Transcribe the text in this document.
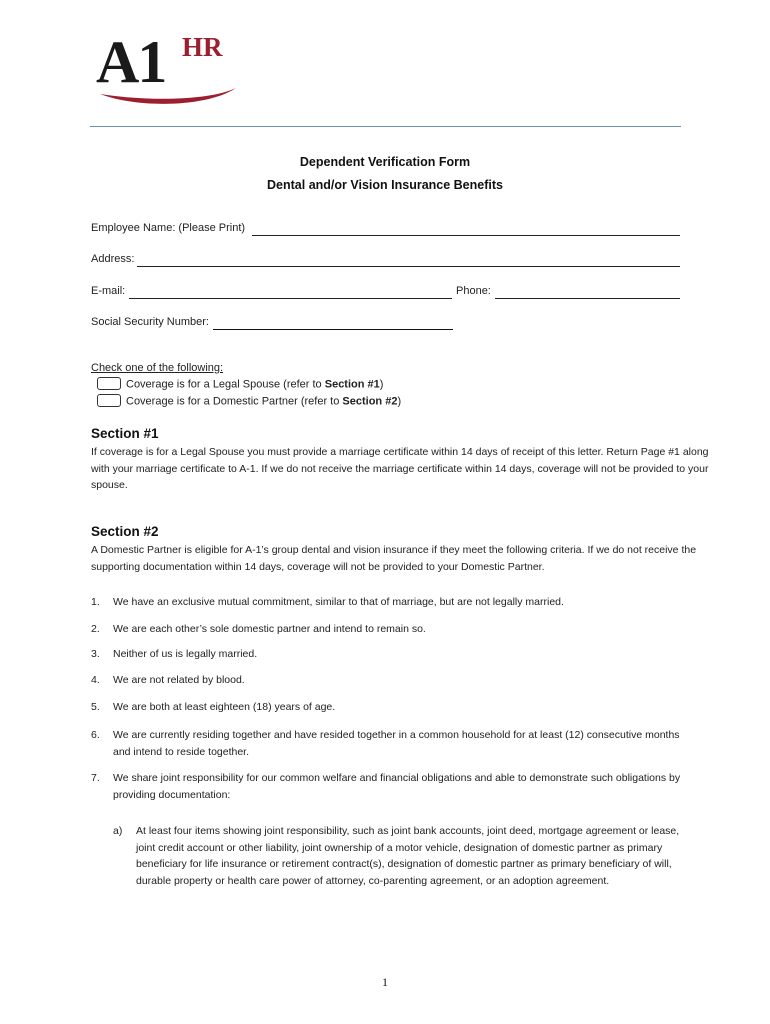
A1 HR
Dependent Verification Form
Dental and/or Vision Insurance Benefits
Employee Name: (Please Print)
Address:
E-mail:	Phone:
Social Security Number:
Check one of the following:
Coverage is for a Legal Spouse (refer to Section #1)
Coverage is for a Domestic Partner (refer to Section #2)
Section #1
If coverage is for a Legal Spouse you must provide a marriage certificate within 14 days of receipt of this letter. Return Page #1 along with your marriage certificate to A-1. If we do not receive the marriage certificate within 14 days, coverage will not be provided to your spouse.
Section #2
A Domestic Partner is eligible for A-1’s group dental and vision insurance if they meet the following criteria. If we do not receive the supporting documentation within 14 days, coverage will not be provided to your Domestic Partner.
1. We have an exclusive mutual commitment, similar to that of marriage, but are not legally married.
2. We are each other’s sole domestic partner and intend to remain so.
3. Neither of us is legally married.
4. We are not related by blood.
5. We are both at least eighteen (18) years of age.
6. We are currently residing together and have resided together in a common household for at least (12) consecutive months and intend to reside together.
7. We share joint responsibility for our common welfare and financial obligations and able to demonstrate such obligations by providing documentation:
a) At least four items showing joint responsibility, such as joint bank accounts, joint deed, mortgage agreement or lease, joint credit account or other liability, joint ownership of a motor vehicle, designation of domestic partner as primary beneficiary for life insurance or retirement contract(s), designation of domestic partner as primary beneficiary of will, durable property or health care power of attorney, co-parenting agreement, or an adoption agreement.
1
